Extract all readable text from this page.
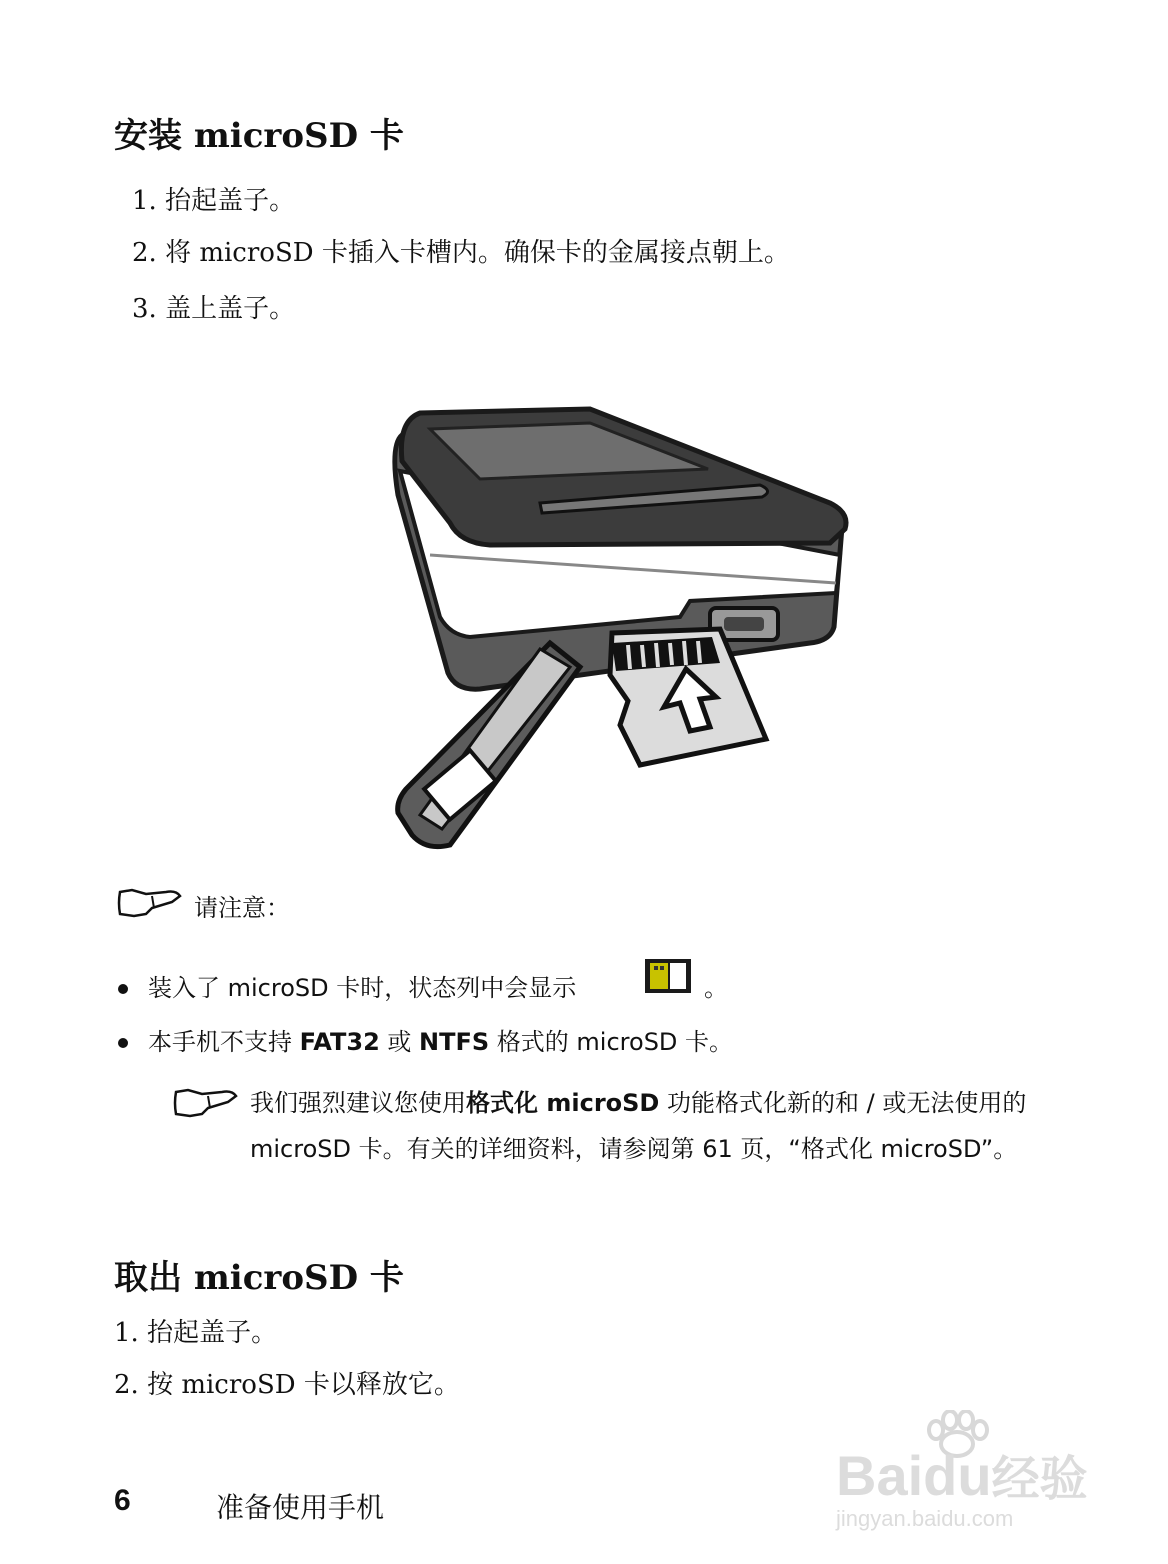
安装 microSD 卡
1. 抬起盖子。
2. 将 microSD 卡插入卡槽内。确保卡的金属接点朝上。
3. 盖上盖子。
请注意：
装入了 microSD 卡时，状态列中会显示	。
本手机不支持 FAT32 或 NTFS 格式的 microSD 卡。
我们强烈建议您使用格式化 microSD 功能格式化新的和 / 或无法使用的 microSD 卡。有关的详细资料，请参阅第 61 页，“格式化 microSD”。
取出 microSD 卡
1. 抬起盖子。
2. 按 microSD 卡以释放它。
6	准备使用手机
Baidu经验
jingyan.baidu.com
